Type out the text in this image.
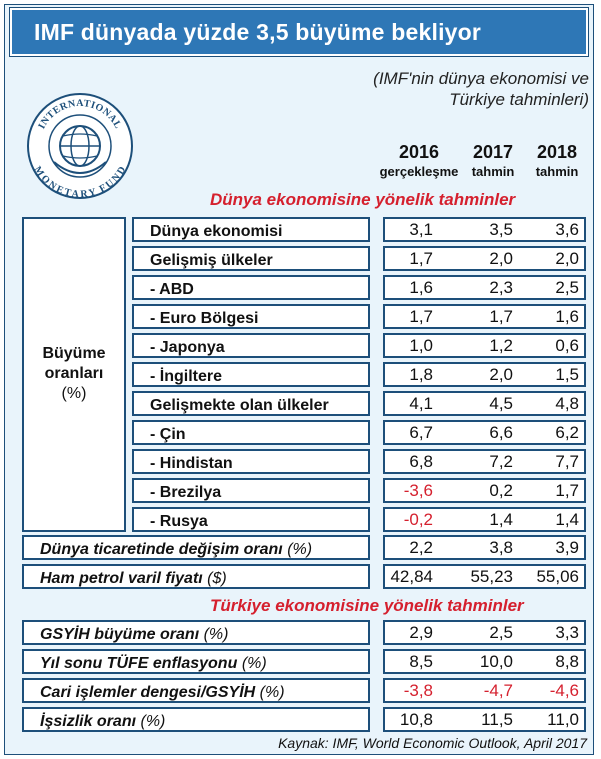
IMF dünyada yüzde 3,5 büyüme bekliyor
(IMF'nin dünya ekonomisi ve
Türkiye tahminleri)
INTERNATIONAL
MONETARY FUND
2016
gerçekleşme
2017
tahmin
2018
tahmin
Dünya ekonomisine yönelik tahminler
Büyüme
oranları
(%)
Dünya ekonomisi	3,1	3,5	3,6
Gelişmiş ülkeler	1,7	2,0	2,0
- ABD	1,6	2,3	2,5
- Euro Bölgesi	1,7	1,7	1,6
- Japonya	1,0	1,2	0,6
- İngiltere	1,8	2,0	1,5
Gelişmekte olan ülkeler	4,1	4,5	4,8
- Çin	6,7	6,6	6,2
- Hindistan	6,8	7,2	7,7
- Brezilya	-3,6	0,2	1,7
- Rusya	-0,2	1,4	1,4
Dünya ticaretinde değişim oranı (%)	2,2	3,8	3,9
Ham petrol varil fiyatı ($)	42,84	55,23	55,06
Türkiye ekonomisine yönelik tahminler
GSYİH büyüme oranı (%)	2,9	2,5	3,3
Yıl sonu TÜFE enflasyonu (%)	8,5	10,0	8,8
Cari işlemler dengesi/GSYİH (%)	-3,8	-4,7	-4,6
İşsizlik oranı (%)	10,8	11,5	11,0
Kaynak: IMF, World Economic Outlook, April 2017
